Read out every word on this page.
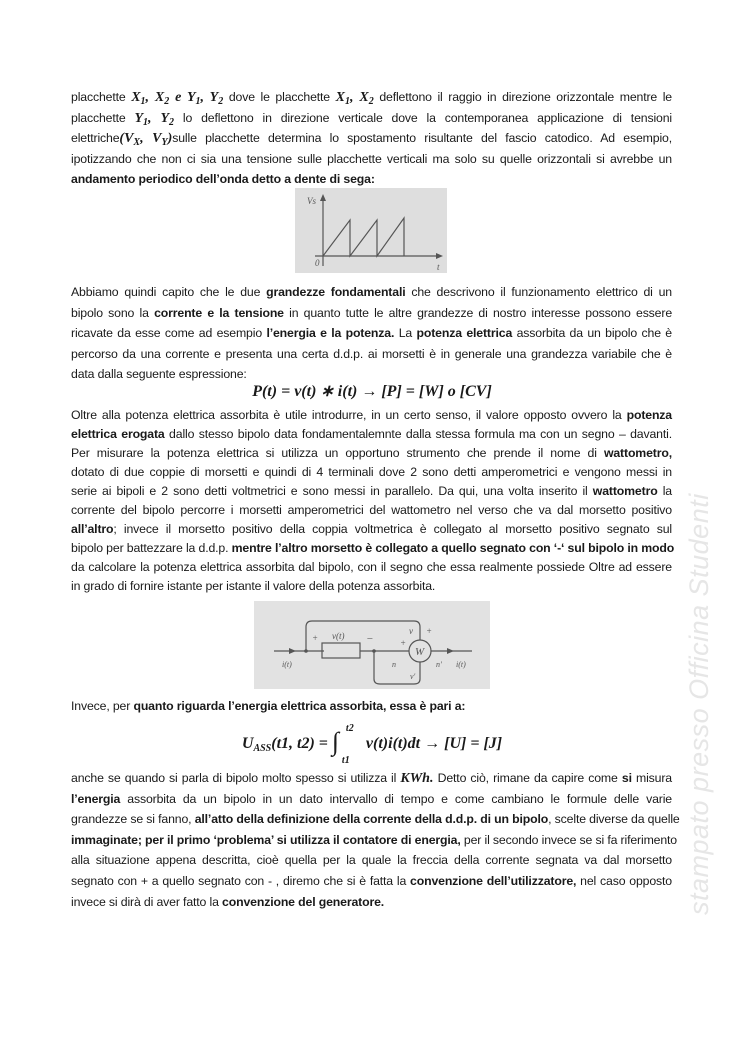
placchette $X_1$, $X_2$ e $Y_1$, $Y_2$ dove le placchette $X_1$, $X_2$ deflettono il raggio in direzione orizzontale mentre le
placchette $Y_1$, $Y_2$ lo deflettono in direzione verticale dove la contemporanea applicazione di tensioni
$elettriche(V_X$, $V_Y)sulle$ placchette determina lo spostamento risultante del fascio catodico. Ad esempio,
ipotizzando che non ci sia una tensione sulle placchette verticali ma solo su quelle orizzontali si avrebbe un
andamento periodico dell’onda detto a dente di sega:
Vs
0	t
Abbiamo quindi capito che le due grandezze fondamentali che descrivono il funzionamento elettrico di un
bipolo sono la corrente e la tensione in quanto tutte le altre grandezze di nostro interesse possono essere
ricavate da esse come ad esempio l’energia e la potenza. La potenza elettrica assorbita da un bipolo che è
percorso da una corrente e presenta una certa d.d.p. ai morsetti è in generale una grandezza variabile che è
data dalla seguente espressione:
P(t) = v(t) ∗ i(t) → [P] = [W] o [CV]
Oltre alla potenza elettrica assorbita è utile introdurre, in un certo senso, il valore opposto ovvero la potenza
elettrica erogata dallo stesso bipolo data fondamentalemnte dalla stessa formula ma con un segno – davanti.
Per misurare la potenza elettrica si utilizza un opportuno strumento che prende il nome di wattometro,
dotato di due coppie di morsetti e quindi di 4 terminali dove 2 sono detti amperometrici e vengono messi in
serie ai bipoli e 2 sono detti voltmetrici e sono messi in parallelo. Da qui, una volta inserito il wattometro la
corrente del bipolo percorre i morsetti amperometrici del wattometro nel verso che va dal morsetto positivo
all’altro; invece il morsetto positivo della coppia voltmetrica è collegato al morsetto positivo segnato sul
bipolo per battezzare la d.d.p. mentre l’altro morsetto è collegato a quello segnato con ‘-‘ sul bipolo in modo
da calcolare la potenza elettrica assorbita dal bipolo, con il segno che essa realmente possiede Oltre ad essere
in grado di fornire istante per istante il valore della potenza assorbita.
+ v(t) −
v +
+
W
n	n'
v'
i(t)	i(t)
Invece, per quanto riguarda l’energia elettrica assorbita, essa è pari a:
UASS(t1, t2) = ∫ t2
t1
v(t)i(t)dt → [U] = [J]
anche se quando si parla di bipolo molto spesso si utilizza il KWh. Detto ciò, rimane da capire come si misura
l’energia assorbita da un bipolo in un dato intervallo di tempo e come cambiano le formule delle varie
grandezze se si fanno, all’atto della definizione della corrente della d.d.p. di un bipolo, scelte diverse da quelle
immaginate; per il primo ‘problema’ si utilizza il contatore di energia, per il secondo invece se si fa riferimento
alla situazione appena descritta, cioè quella per la quale la freccia della corrente segnata va dal morsetto
segnato con + a quello segnato con - , diremo che si è fatta la convenzione dell’utilizzatore, nel caso opposto
invece si dirà di aver fatto la convenzione del generatore.	stampato presso Officina Studenti
